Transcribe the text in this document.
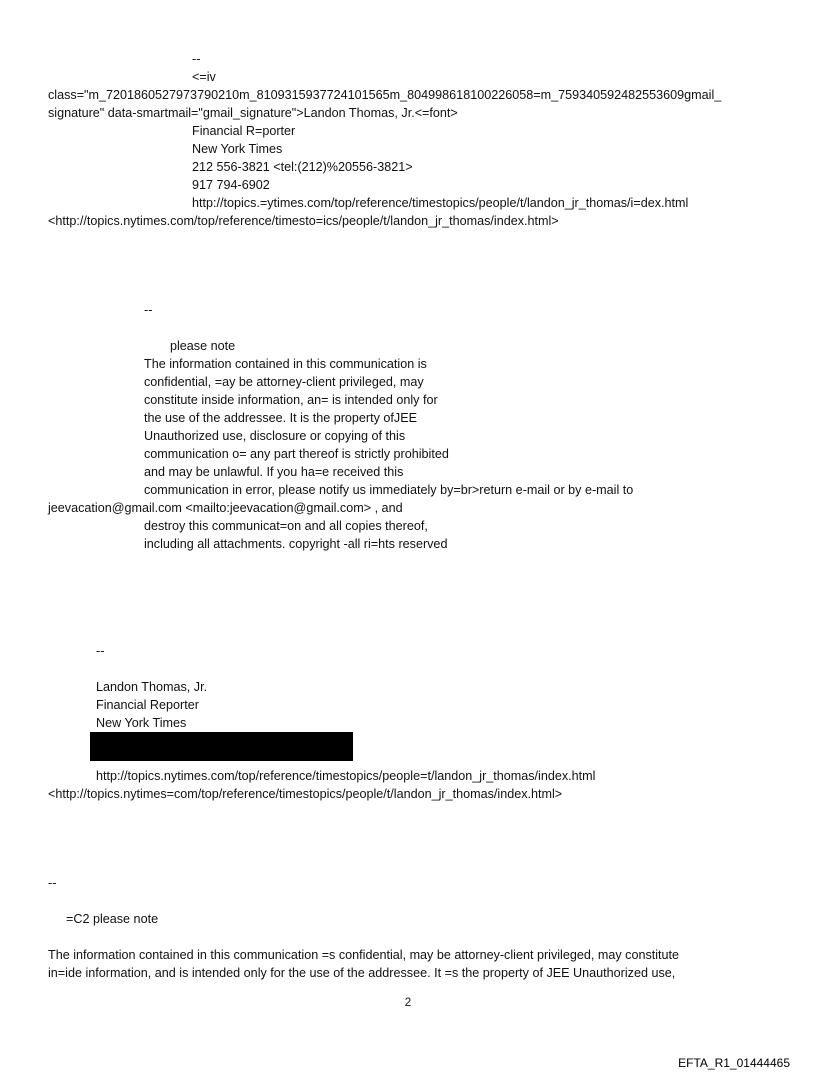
--
<=iv
class="m_7201860527973790210m_8109315937724101565m_804998618100226058=m_759340592482553609gmail_
signature" data-smartmail="gmail_signature">Landon Thomas, Jr.<=font>
Financial R=porter
New York Times
212 556-3821 <tel:(212)%20556-3821>
917 794-6902
http://topics.=ytimes.com/top/reference/timestopics/people/t/landon_jr_thomas/i=dex.html
<http://topics.nytimes.com/top/reference/timesto=ics/people/t/landon_jr_thomas/index.html>
--
please note
The information contained in this communication is
confidential, =ay be attorney-client privileged, may
constitute inside information, an= is intended only for
the use of the addressee. It is the property ofJEE
Unauthorized use, disclosure or copying of this
communication o= any part thereof is strictly prohibited
and may be unlawful. If you ha=e received this
communication in error, please notify us immediately by=br>return e-mail or by e-mail to
jeevacation@gmail.com <mailto:jeevacation@gmail.com> , and
destroy this communicat=on and all copies thereof,
including all attachments. copyright -all ri=hts reserved
--
Landon Thomas, Jr.
Financial Reporter
New York Times
http://topics.nytimes.com/top/reference/timestopics/people=t/landon_jr_thomas/index.html
<http://topics.nytimes=com/top/reference/timestopics/people/t/landon_jr_thomas/index.html>
--
=C2 please note
The information contained in this communication =s confidential, may be attorney-client privileged, may constitute
in=ide information, and is intended only for the use of the addressee. It =s the property of JEE Unauthorized use,
2
EFTA_R1_01444465
